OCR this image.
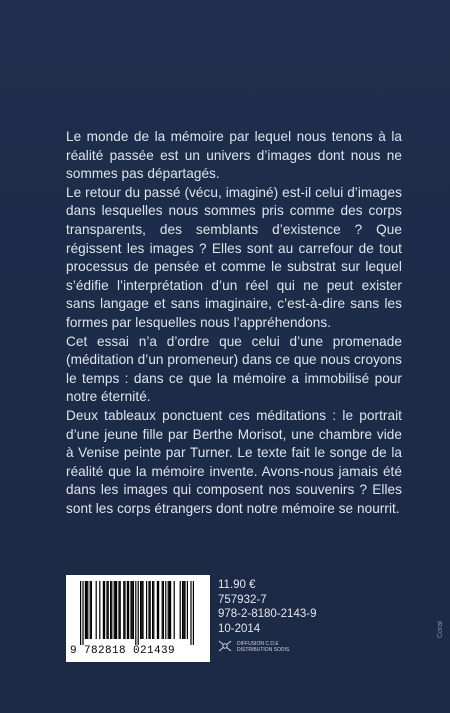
Le monde de la mémoire par lequel nous tenons à la réalité passée est un univers d’images dont nous ne sommes pas départagés.

Le retour du passé (vécu, imaginé) est-il celui d’images dans lesquelles nous sommes pris comme des corps transparents, des semblants d’existence ? Que régissent les images ? Elles sont au carrefour de tout processus de pensée et comme le substrat sur lequel s’édifie l’interprétation d’un réel qui ne peut exister sans langage et sans imaginaire, c’est-à-dire sans les formes par lesquelles nous l’appréhendons.

Cet essai n’a d’ordre que celui d’une promenade (méditation d’un promeneur) dans ce que nous croyons le temps : dans ce que la mémoire a immobilisé pour notre éternité.

Deux tableaux ponctuent ces méditations : le portrait d’une jeune fille par Berthe Morisot, une chambre vide à Venise peinte par Turner. Le texte fait le songe de la réalité que la mémoire invente. Avons-nous jamais été dans les images qui composent nos souvenirs ? Elles sont les corps étrangers dont notre mémoire se nourrit.

9 782818 021439
11.90 €
757932-7
978-2-8180-2143-9
10-2014
DIFFUSION C.D.E
DISTRIBUTION SODIS
Corat
